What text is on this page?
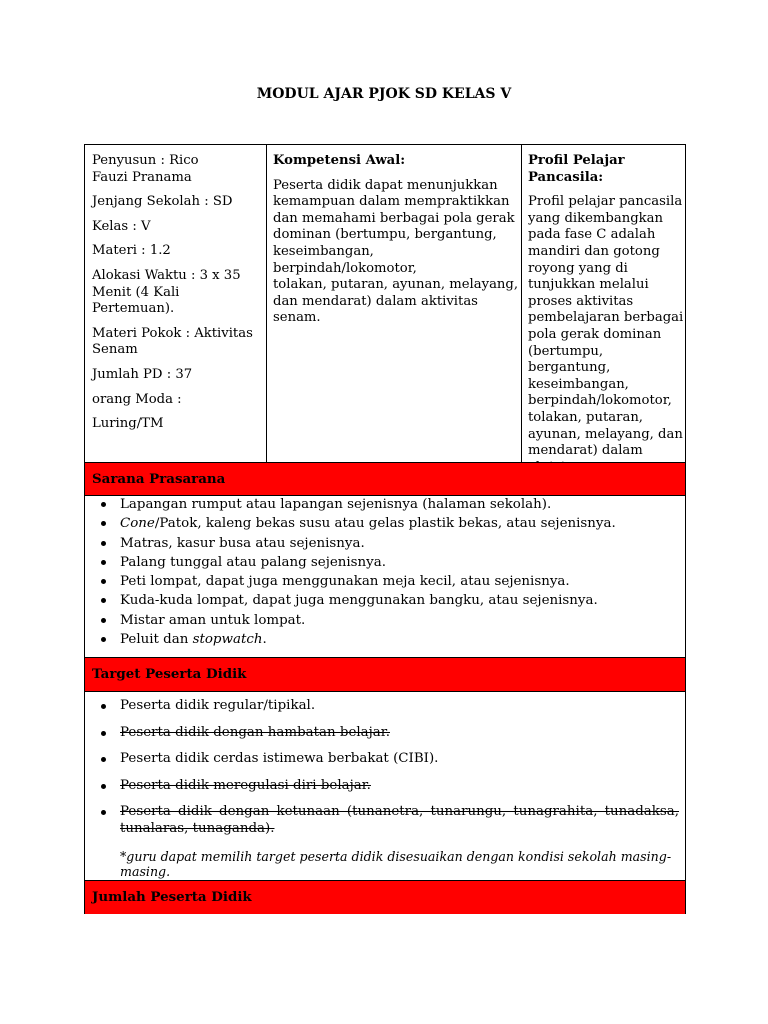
MODUL AJAR PJOK SD KELAS V

Penyusun : Rico
Fauzi Pranama

Jenjang Sekolah : SD

Kelas : V

Materi : 1.2

Alokasi Waktu : 3 x 35
Menit (4 Kali Pertemuan).

Materi Pokok : Aktivitas
Senam

Jumlah PD : 37

orang Moda :

Luring/TM

Kompetensi Awal:
Peserta didik dapat menunjukkan
kemampuan dalam mempraktikkan
dan memahami berbagai pola gerak
dominan (bertumpu, bergantung,
keseimbangan, berpindah/lokomotor,
tolakan, putaran, ayunan, melayang,
dan mendarat) dalam aktivitas senam.
Profil Pelajar
Pancasila:
Profil pelajar pancasila
yang dikembangkan
pada fase C adalah
mandiri dan gotong
royong yang di
tunjukkan melalui
proses aktivitas
pembelajaran berbagai
pola gerak dominan
(bertumpu, bergantung,
keseimbangan,
berpindah/lokomotor,
tolakan, putaran,
ayunan, melayang, dan
mendarat) dalam
Sarana Prasarana
Lapangan rumput atau lapangan sejenisnya (halaman sekolah).
Cone/Patok, kaleng bekas susu atau gelas plastik bekas, atau sejenisnya.
Matras, kasur busa atau sejenisnya.
Palang tunggal atau palang sejenisnya.
Peti lompat, dapat juga menggunakan meja kecil, atau sejenisnya.
Kuda-kuda lompat, dapat juga menggunakan bangku, atau sejenisnya.
Mistar aman untuk lompat.
Peluit dan stopwatch.
Target Peserta Didik
Peserta didik regular/tipikal.
Peserta didik dengan hambatan belajar.
Peserta didik cerdas istimewa berbakat (CIBI).
Peserta didik meregulasi diri belajar.
Peserta didik dengan ketunaan (tunanetra, tunarungu, tunagrahita, tunadaksa, tunalaras, tunaganda).
*guru dapat memilih target peserta didik disesuaikan dengan kondisi sekolah masing-masing.
Jumlah Peserta Didik
